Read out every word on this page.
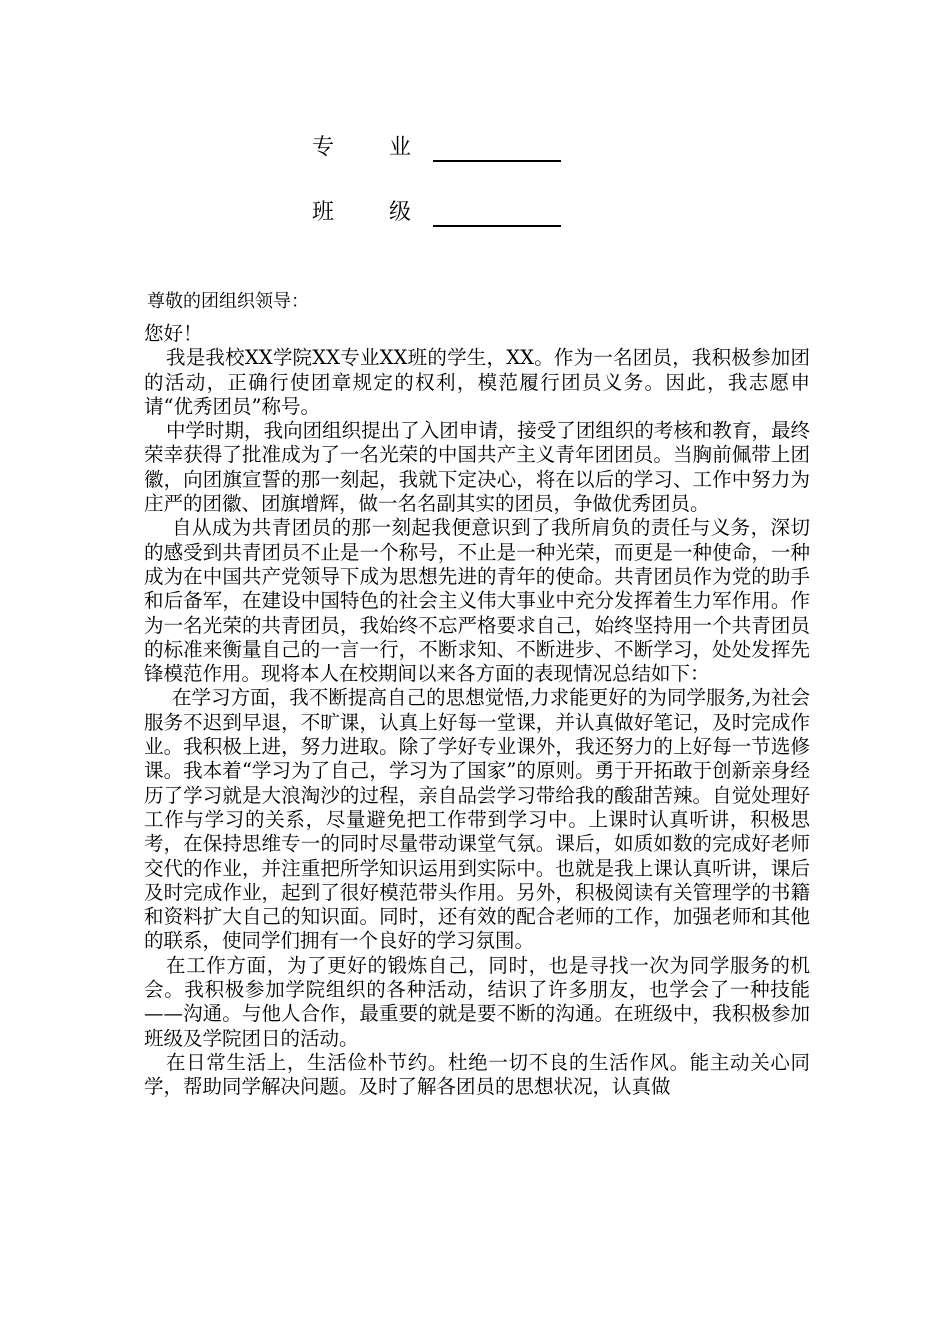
专 业
班 级
尊敬的团组织领导：

您好！

我是我校XX学院XX专业XX班的学生，XX。作为一名团员，我积极参加团的活动，正确行使团章规定的权利，模范履行团员义务。因此，我志愿申请“优秀团员”称号。

中学时期，我向团组织提出了入团申请，接受了团组织的考核和教育，最终荣幸获得了批准成为了一名光荣的中国共产主义青年团团员。当胸前佩带上团徽，向团旗宣誓的那一刻起，我就下定决心，将在以后的学习、工作中努力为庄严的团徽、团旗增辉，做一名名副其实的团员，争做优秀团员。

自从成为共青团员的那一刻起我便意识到了我所肩负的责任与义务，深切的感受到共青团员不止是一个称号，不止是一种光荣，而更是一种使命，一种成为在中国共产党领导下成为思想先进的青年的使命。共青团员作为党的助手和后备军，在建设中国特色的社会主义伟大事业中充分发挥着生力军作用。作为一名光荣的共青团员，我始终不忘严格要求自己，始终坚持用一个共青团员的标准来衡量自己的一言一行，不断求知、不断进步、不断学习，处处发挥先锋模范作用。现将本人在校期间以来各方面的表现情况总结如下：

在学习方面，我不断提高自己的思想觉悟,力求能更好的为同学服务,为社会服务不迟到早退，不旷课，认真上好每一堂课，并认真做好笔记，及时完成作业。我积极上进，努力进取。除了学好专业课外，我还努力的上好每一节选修课。我本着“学习为了自己，学习为了国家”的原则。勇于开拓敢于创新亲身经历了学习就是大浪淘沙的过程，亲自品尝学习带给我的酸甜苦辣。自觉处理好工作与学习的关系，尽量避免把工作带到学习中。上课时认真听讲，积极思考，在保持思维专一的同时尽量带动课堂气氛。课后，如质如数的完成好老师交代的作业，并注重把所学知识运用到实际中。也就是我上课认真听讲，课后及时完成作业，起到了很好模范带头作用。另外，积极阅读有关管理学的书籍和资料扩大自己的知识面。同时，还有效的配合老师的工作，加强老师和其他的联系，使同学们拥有一个良好的学习氛围。

在工作方面，为了更好的锻炼自己，同时，也是寻找一次为同学服务的机会。我积极参加学院组织的各种活动，结识了许多朋友，也学会了一种技能——沟通。与他人合作，最重要的就是要不断的沟通。在班级中，我积极参加班级及学院团日的活动。

在日常生活上，生活俭朴节约。杜绝一切不良的生活作风。能主动关心同学，帮助同学解决问题。及时了解各团员的思想状况，认真做
